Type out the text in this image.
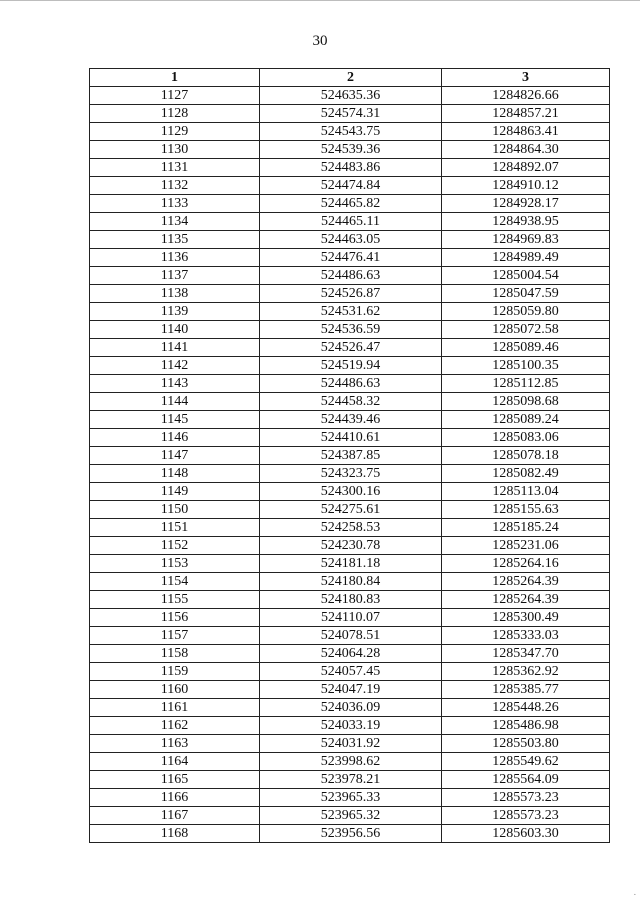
30
1	2	3
1127	524635.36	1284826.66
1128	524574.31	1284857.21
1129	524543.75	1284863.41
1130	524539.36	1284864.30
1131	524483.86	1284892.07
1132	524474.84	1284910.12
1133	524465.82	1284928.17
1134	524465.11	1284938.95
1135	524463.05	1284969.83
1136	524476.41	1284989.49
1137	524486.63	1285004.54
1138	524526.87	1285047.59
1139	524531.62	1285059.80
1140	524536.59	1285072.58
1141	524526.47	1285089.46
1142	524519.94	1285100.35
1143	524486.63	1285112.85
1144	524458.32	1285098.68
1145	524439.46	1285089.24
1146	524410.61	1285083.06
1147	524387.85	1285078.18
1148	524323.75	1285082.49
1149	524300.16	1285113.04
1150	524275.61	1285155.63
1151	524258.53	1285185.24
1152	524230.78	1285231.06
1153	524181.18	1285264.16
1154	524180.84	1285264.39
1155	524180.83	1285264.39
1156	524110.07	1285300.49
1157	524078.51	1285333.03
1158	524064.28	1285347.70
1159	524057.45	1285362.92
1160	524047.19	1285385.77
1161	524036.09	1285448.26
1162	524033.19	1285486.98
1163	524031.92	1285503.80
1164	523998.62	1285549.62
1165	523978.21	1285564.09
1166	523965.33	1285573.23
1167	523965.32	1285573.23
1168	523956.56	1285603.30
.
